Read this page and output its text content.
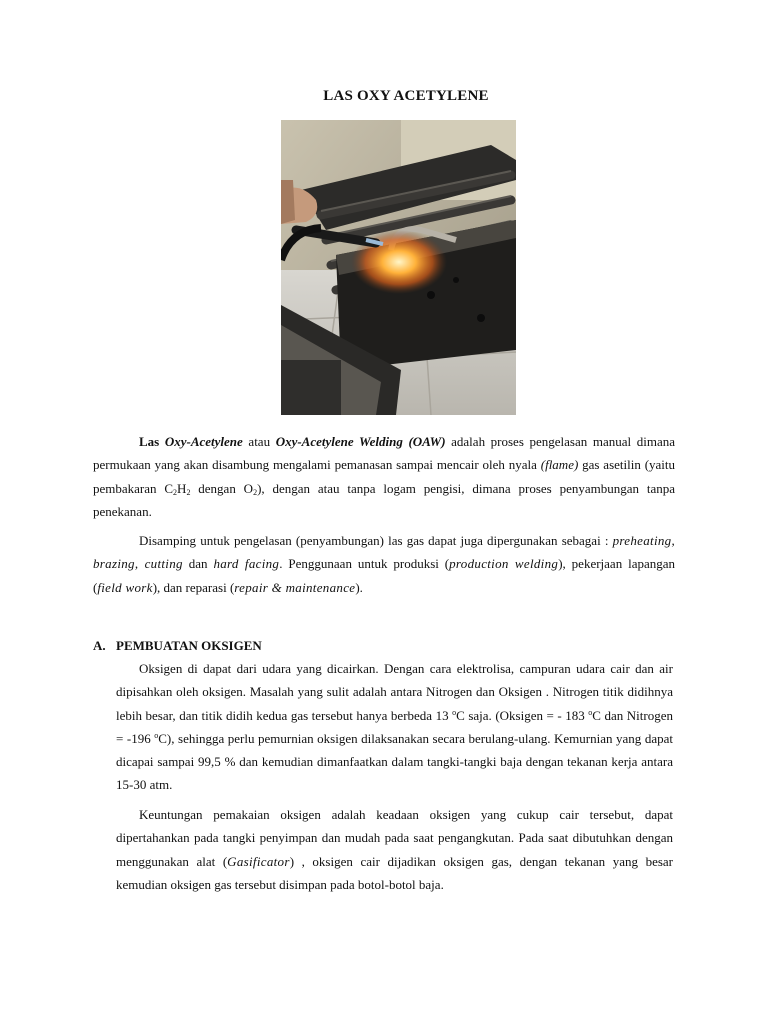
LAS OXY ACETYLENE

Las Oxy-Acetylene atau Oxy-Acetylene Welding (OAW) adalah proses pengelasan manual dimana permukaan yang akan disambung mengalami pemanasan sampai mencair oleh nyala (flame) gas asetilin (yaitu pembakaran $C_2H_2$ dengan $O_2$), dengan atau tanpa logam pengisi, dimana proses penyambungan tanpa penekanan.

Disamping untuk pengelasan (penyambungan) las gas dapat juga dipergunakan sebagai : preheating, brazing, cutting dan hard facing. Penggunaan untuk produksi (production welding), pekerjaan lapangan (field work), dan reparasi (repair & maintenance).

A. PEMBUATAN OKSIGEN

Oksigen di dapat dari udara yang dicairkan. Dengan cara elektrolisa, campuran udara cair dan air dipisahkan oleh oksigen. Masalah yang sulit adalah antara Nitrogen dan Oksigen . Nitrogen titik didihnya lebih besar, dan titik didih kedua gas tersebut hanya berbeda 13 $^o$C saja. (Oksigen = - 183 $^o$C dan Nitrogen = -196 $^o$C), sehingga perlu pemurnian oksigen dilaksanakan secara berulang-ulang. Kemurnian yang dapat dicapai sampai 99,5 % dan kemudian dimanfaatkan dalam tangki-tangki baja dengan tekanan kerja antara 15-30 atm.

Keuntungan pemakaian oksigen adalah keadaan oksigen yang cukup cair tersebut, dapat dipertahankan pada tangki penyimpan dan mudah pada saat pengangkutan. Pada saat dibutuhkan dengan menggunakan alat (Gasificator) , oksigen cair dijadikan oksigen gas, dengan tekanan yang besar kemudian oksigen gas tersebut disimpan pada botol-botol baja.
